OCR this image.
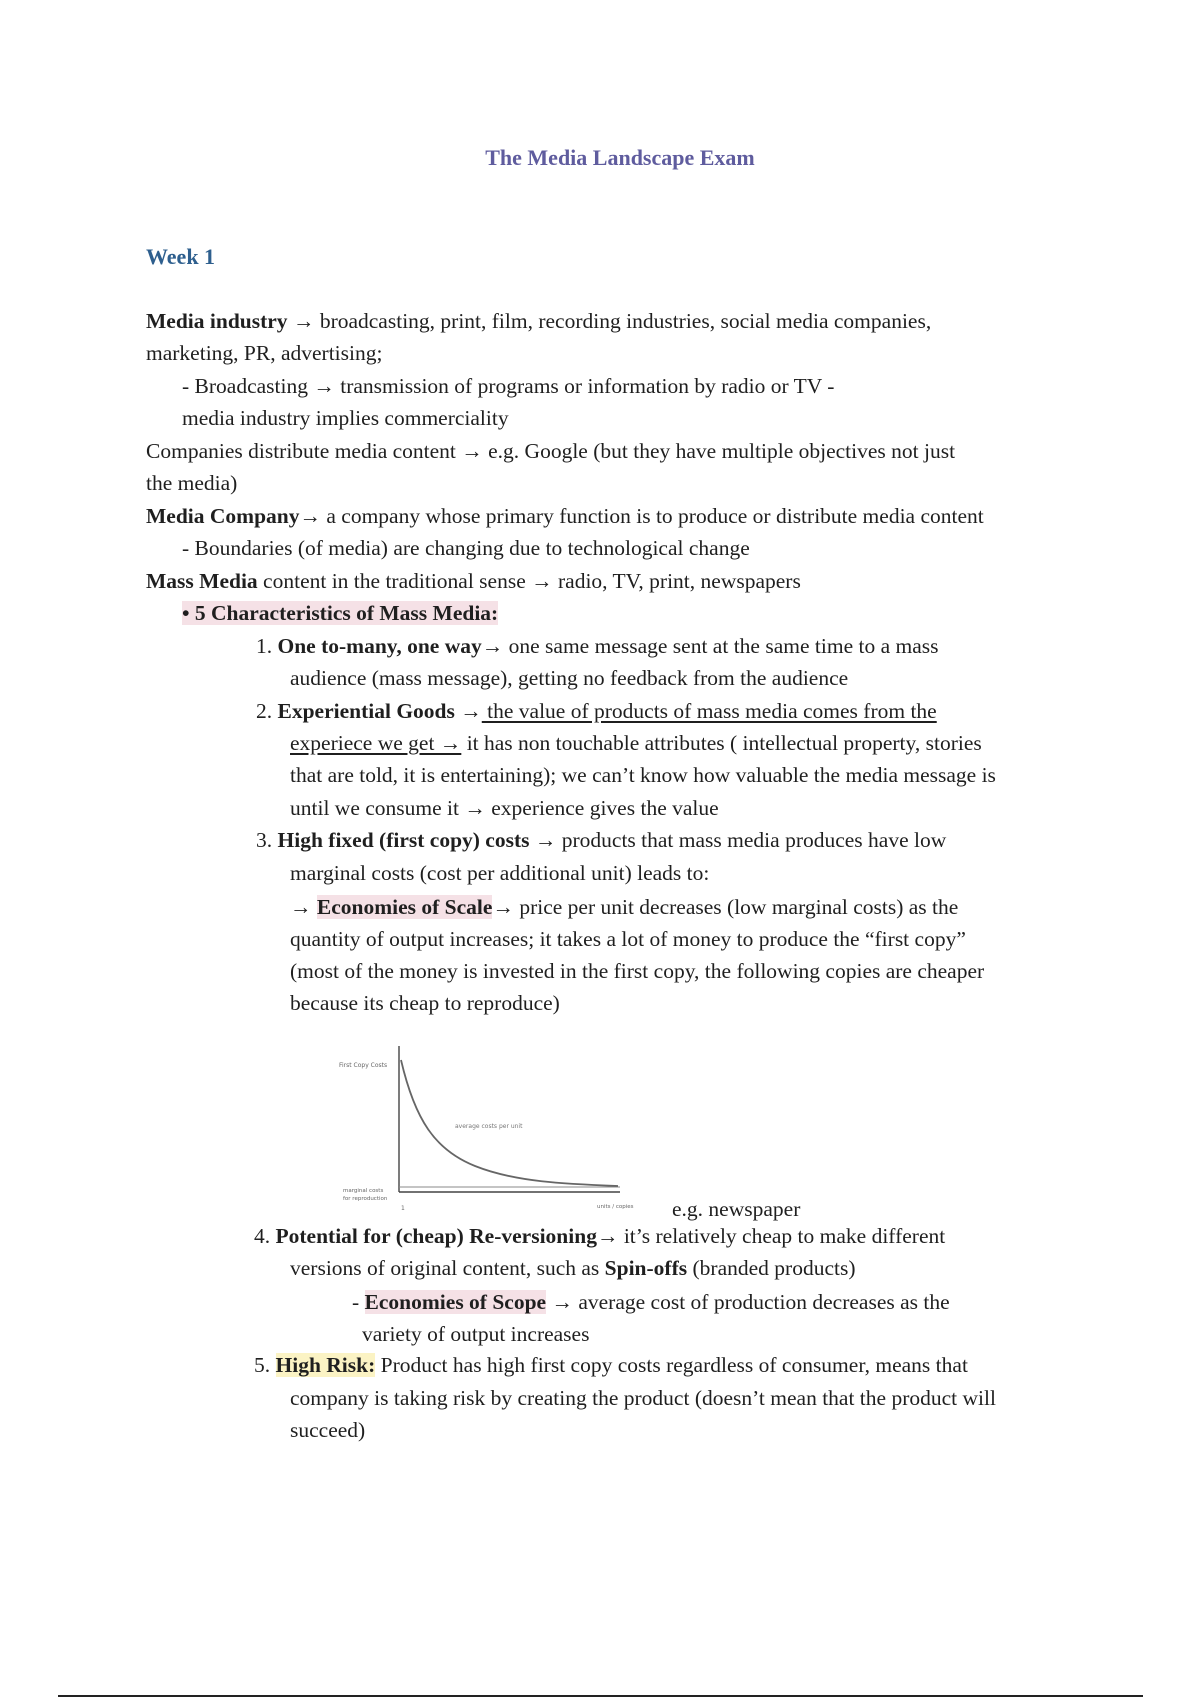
The Media Landscape Exam
Week 1
Media industry → broadcasting, print, film, recording industries, social media companies,
marketing, PR, advertising;
- Broadcasting → transmission of programs or information by radio or TV -
media industry implies commerciality
Companies distribute media content → e.g. Google (but they have multiple objectives not just
the media)
Media Company→ a company whose primary function is to produce or distribute media content
- Boundaries (of media) are changing due to technological change
Mass Media content in the traditional sense → radio, TV, print, newspapers
• 5 Characteristics of Mass Media:
1. One to-many, one way→ one same message sent at the same time to a mass
audience (mass message), getting no feedback from the audience
2. Experiential Goods → the value of products of mass media comes from the
experiece we get → it has non touchable attributes ( intellectual property, stories
that are told, it is entertaining); we can’t know how valuable the media message is
until we consume it → experience gives the value
3. High fixed (first copy) costs → products that mass media produces have low
marginal costs (cost per additional unit) leads to:
→ Economies of Scale→ price per unit decreases (low marginal costs) as the
quantity of output increases; it takes a lot of money to produce the “first copy”
(most of the money is invested in the first copy, the following copies are cheaper
because its cheap to reproduce)
First Copy Costs
average costs per unit
marginal costs
for reproduction
units / copies
1	e.g. newspaper
4. Potential for (cheap) Re-versioning→ it’s relatively cheap to make different
versions of original content, such as Spin-offs (branded products)
- Economies of Scope → average cost of production decreases as the
variety of output increases
5. High Risk: Product has high first copy costs regardless of consumer, means that
company is taking risk by creating the product (doesn’t mean that the product will
succeed)
